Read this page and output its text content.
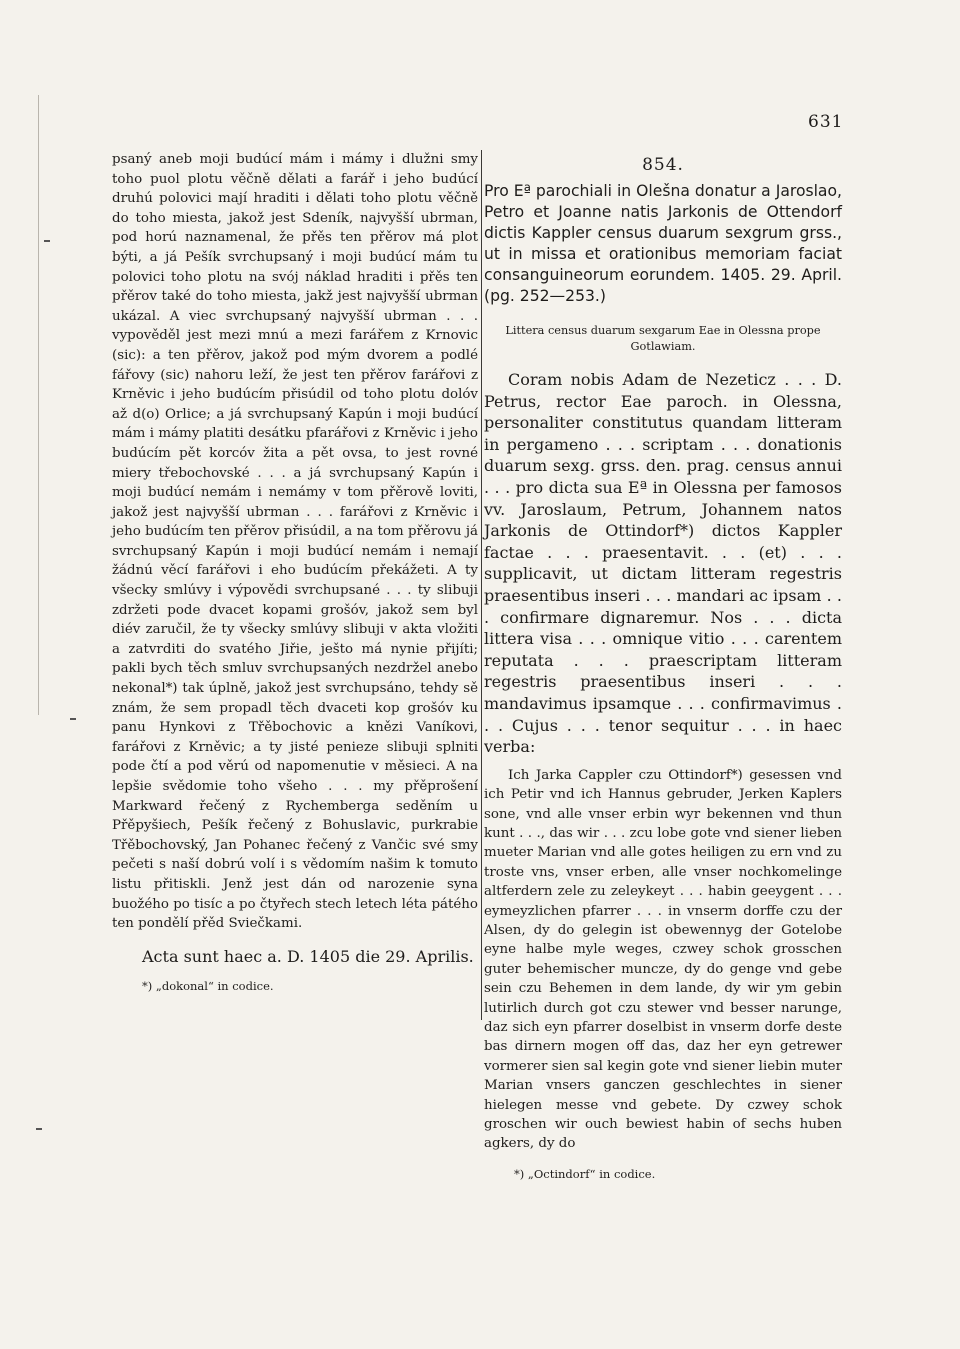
631

psaný aneb moji budúcí mám i mámy i dlužni smy toho puol plotu věčně dělati a farář i jeho budúcí druhú polovici mají hraditi i dělati toho plotu věčně do toho miesta, jakož jest Sdeník, najvyšší ubrman, pod horú naznamenal, že přěs ten přěrov má plot býti, a já Pešík svrchupsaný i moji budúcí mám tu polovici toho plotu na svój náklad hraditi i přěs ten přěrov také do toho miesta, jakž jest najvyšší ubrman ukázal. A viec svrchupsaný najvyšší ubrman . . . vypověděl jest mezi mnú a mezi farářem z Krnovic (sic): a ten přěrov, jakož pod mým dvorem a podlé fářovy (sic) nahoru leží, že jest ten přěrov farářovi z Krněvic i jeho budúcím přisúdil od toho plotu dolóv až d(o) Orlice; a já svrchupsaný Kapún i moji budúcí mám i mámy platiti desátku pfarářovi z Krněvic i jeho budúcím pět korcóv žita a pět ovsa, to jest rovné miery třebochovské . . . a já svrchupsaný Kapún i moji budúcí nemám i nemámy v tom přěrově loviti, jakož jest najvyšší ubrman . . . farářovi z Krněvic i jeho budúcím ten přěrov přisúdil, a na tom přěrovu já svrchupsaný Kapún i moji budúcí nemám i nemají žádnú věcí farářovi i eho budúcím překážeti. A ty všecky smlúvy i výpovědi svrchupsané . . . ty slibuji zdržeti pode dvacet kopami grošóv, jakož sem byl diév zaručil, že ty všecky smlúvy slibuji v akta vložiti a zatvrditi do svatého Jiřie, ješto má nynie přijíti; pakli bych těch smluv svrchupsaných nezdržel anebo nekonal*) tak úplně, jakož jest svrchupsáno, tehdy sě znám, že sem propadl těch dvaceti kop grošóv ku panu Hynkovi z Třěbochovic a knězi Vaníkovi, farářovi z Krněvic; a ty jisté penieze slibuji splniti pode čtí a pod věrú od napomenutie v měsieci. A na lepšie svědomie toho všeho . . . my přěprošení Markward řečený z Rychemberga seděním u Přěpyšiech, Pešík řečený z Bohuslavic, purkrabie Třěbochovský, Jan Pohanec řečený z Vančic své smy pečeti s naší dobrú volí i s vědomím našim k tomuto listu přitiskli. Jenž jest dán od narozenie syna buožého po tisíc a po čtyřech stech letech léta pátého ten pondělí přěd Sviečkami.

Acta sunt haec a. D. 1405 die 29. Aprilis.

*) „dokonal“ in codice.

854.

Pro Eª parochiali in Olešna donatur a Jaroslao, Petro et Joanne natis Jarkonis de Ottendorf dictis Kappler census duarum sexgrum grss., ut in missa et orationibus memoriam faciat consanguineorum eorundem. 1405. 29. April. (pg. 252—253.)

Littera census duarum sexgarum Eae in Olessna prope Gotlawiam.

Coram nobis Adam de Nezeticz . . . D. Petrus, rector Eae paroch. in Olessna, personaliter constitutus quandam litteram in pergameno . . . scriptam . . . donationis duarum sexg. grss. den. prag. census annui . . . pro dicta sua Eª in Olessna per famosos vv. Jaroslaum, Petrum, Johannem natos Jarkonis de Ottindorf*) dictos Kappler factae . . . praesentavit. . . (et) . . . supplicavit, ut dictam litteram regestris praesentibus inseri . . . mandari ac ipsam . . . confirmare dignaremur. Nos . . . dicta littera visa . . . omnique vitio . . . carentem reputata . . . praescriptam litteram regestris praesentibus inseri . . . mandavimus ipsamque . . . confirmavimus . . . Cujus . . . tenor sequitur . . . in haec verba:

Ich Jarka Cappler czu Ottindorf*) gesessen vnd ich Petir vnd ich Hannus gebruder, Jerken Kaplers sone, vnd alle vnser erbin wyr bekennen vnd thun kunt . . ., das wir . . . zcu lobe gote vnd siener lieben mueter Marian vnd alle gotes heiligen zu ern vnd zu troste vns, vnser erben, alle vnser nochkomelinge altferdern zele zu zeleykeyt . . . habin geeygent . . . eymeyzlichen pfarrer . . . in vnserm dorffe czu der Alsen, dy do gelegin ist obewennyg der Gotelobe eyne halbe myle weges, czwey schok grosschen guter behemischer muncze, dy do genge vnd gebe sein czu Behemen in dem lande, dy wir ym gebin lutirlich durch got czu stewer vnd besser narunge, daz sich eyn pfarrer doselbist in vnserm dorfe deste bas dirnern mogen off das, daz her eyn getrewer vormerer sien sal kegin gote vnd siener liebin muter Marian vnsers ganczen geschlechtes in siener hielegen messe vnd gebete. Dy czwey schok groschen wir ouch bewiest habin of sechs huben agkers, dy do

*) „Octindorf“ in codice.
